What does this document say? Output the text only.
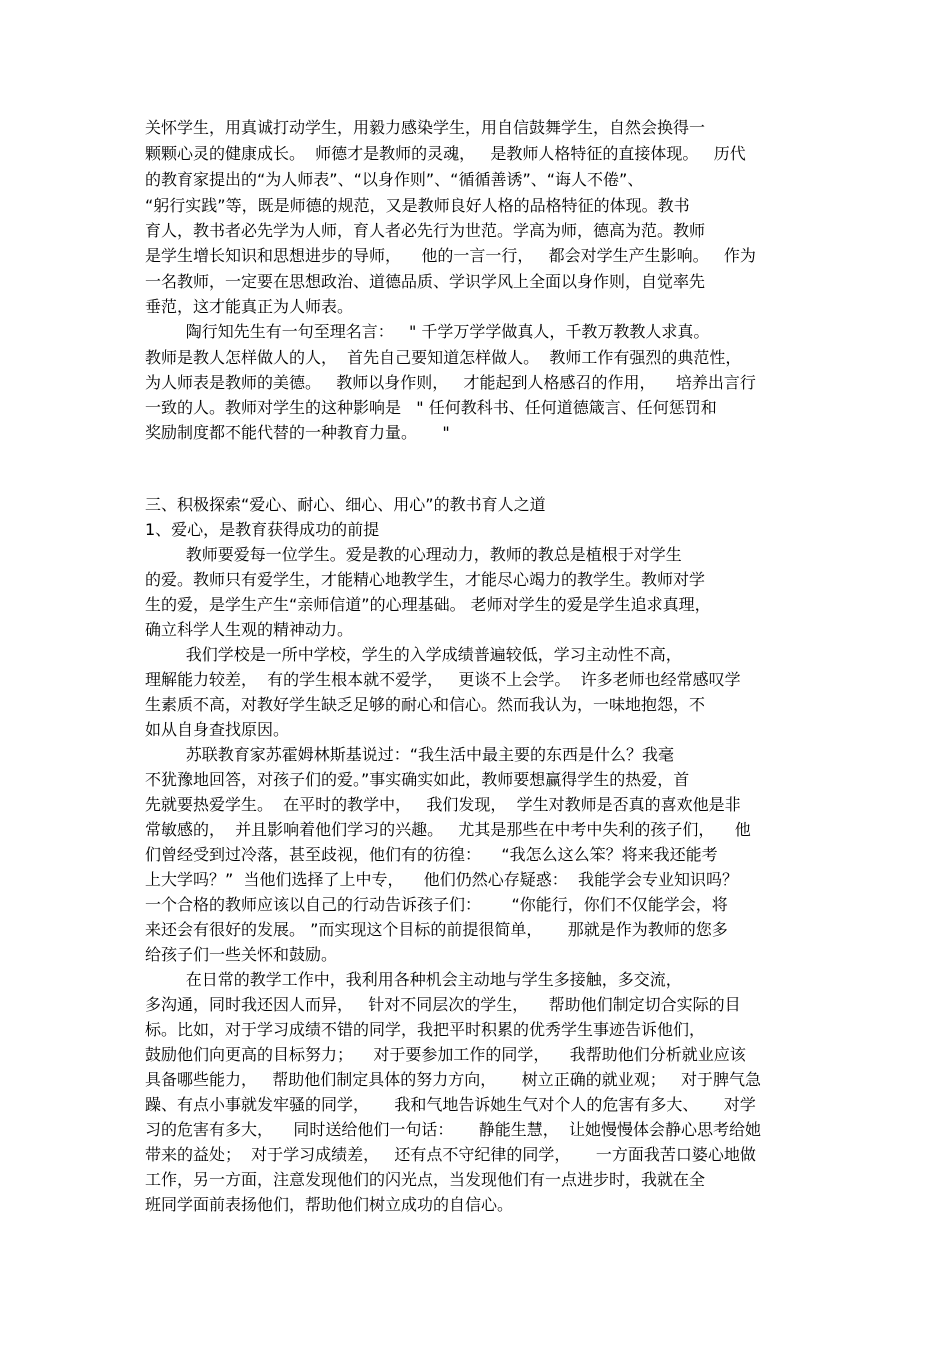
关怀学生，用真诚打动学生，用毅力感染学生，用自信鼓舞学生，自然会换得一
颗颗心灵的健康成长。  师德才是教师的灵魂，   是教师人格特征的直接体现。   历代
的教育家提出的“为人师表”、“以身作则”、“循循善诱”、“诲人不倦”、
“躬行实践”等，既是师德的规范，又是教师良好人格的品格特征的体现。教书
育人，教书者必先学为人师，育人者必先行为世范。学高为师，德高为范。教师
是学生增长知识和思想进步的导师，    他的一言一行，   都会对学生产生影响。   作为
一名教师，一定要在思想政治、道德品质、学识学风上全面以身作则，自觉率先
垂范，这才能真正为人师表。
陶行知先生有一句至理名言：   " 千学万学学做真人，千教万教教人求真。
教师是教人怎样做人的人，  首先自己要知道怎样做人。  教师工作有强烈的典范性，
为人师表是教师的美德。   教师以身作则，   才能起到人格感召的作用，    培养出言行
一致的人。教师对学生的这种影响是   " 任何教科书、任何道德箴言、任何惩罚和
奖励制度都不能代替的一种教育力量。     "
三、积极探索“爱心、耐心、细心、用心”的教书育人之道
1、爱心，是教育获得成功的前提
教师要爱每一位学生。爱是教的心理动力，教师的教总是植根于对学生
的爱。教师只有爱学生，才能精心地教学生，才能尽心竭力的教学生。教师对学
生的爱，是学生产生“亲师信道”的心理基础。 老师对学生的爱是学生追求真理，
确立科学人生观的精神动力。
我们学校是一所中学校，学生的入学成绩普遍较低，学习主动性不高，
理解能力较差，  有的学生根本就不爱学，   更谈不上会学。  许多老师也经常感叹学
生素质不高，对教好学生缺乏足够的耐心和信心。然而我认为，一味地抱怨，不
如从自身查找原因。
苏联教育家苏霍姆林斯基说过：“我生活中最主要的东西是什么？我毫
不犹豫地回答，对孩子们的爱。”事实确实如此，教师要想赢得学生的热爱，首
先就要热爱学生。  在平时的教学中，   我们发现，  学生对教师是否真的喜欢他是非
常敏感的，  并且影响着他们学习的兴趣。   尤其是那些在中考中失利的孩子们，    他
们曾经受到过冷落，甚至歧视，他们有的彷徨：    “我怎么这么笨？将来我还能考
上大学吗？”  当他们选择了上中专，    他们仍然心存疑惑：  我能学会专业知识吗？
一个合格的教师应该以自己的行动告诉孩子们：      “你能行，你们不仅能学会，将
来还会有很好的发展。 ”而实现这个目标的前提很简单，     那就是作为教师的您多
给孩子们一些关怀和鼓励。
在日常的教学工作中，我利用各种机会主动地与学生多接触，多交流，
多沟通，同时我还因人而异，   针对不同层次的学生，    帮助他们制定切合实际的目
标。比如，对于学习成绩不错的同学，我把平时积累的优秀学生事迹告诉他们，
鼓励他们向更高的目标努力；    对于要参加工作的同学，    我帮助他们分析就业应该
具备哪些能力，   帮助他们制定具体的努力方向，     树立正确的就业观；   对于脾气急
躁、有点小事就发牢骚的同学，     我和气地告诉她生气对个人的危害有多大、     对学
习的危害有多大，    同时送给他们一句话：     静能生慧，  让她慢慢体会静心思考给她
带来的益处；  对于学习成绩差，   还有点不守纪律的同学，     一方面我苦口婆心地做
工作，另一方面，注意发现他们的闪光点，当发现他们有一点进步时，我就在全
班同学面前表扬他们，帮助他们树立成功的自信心。
